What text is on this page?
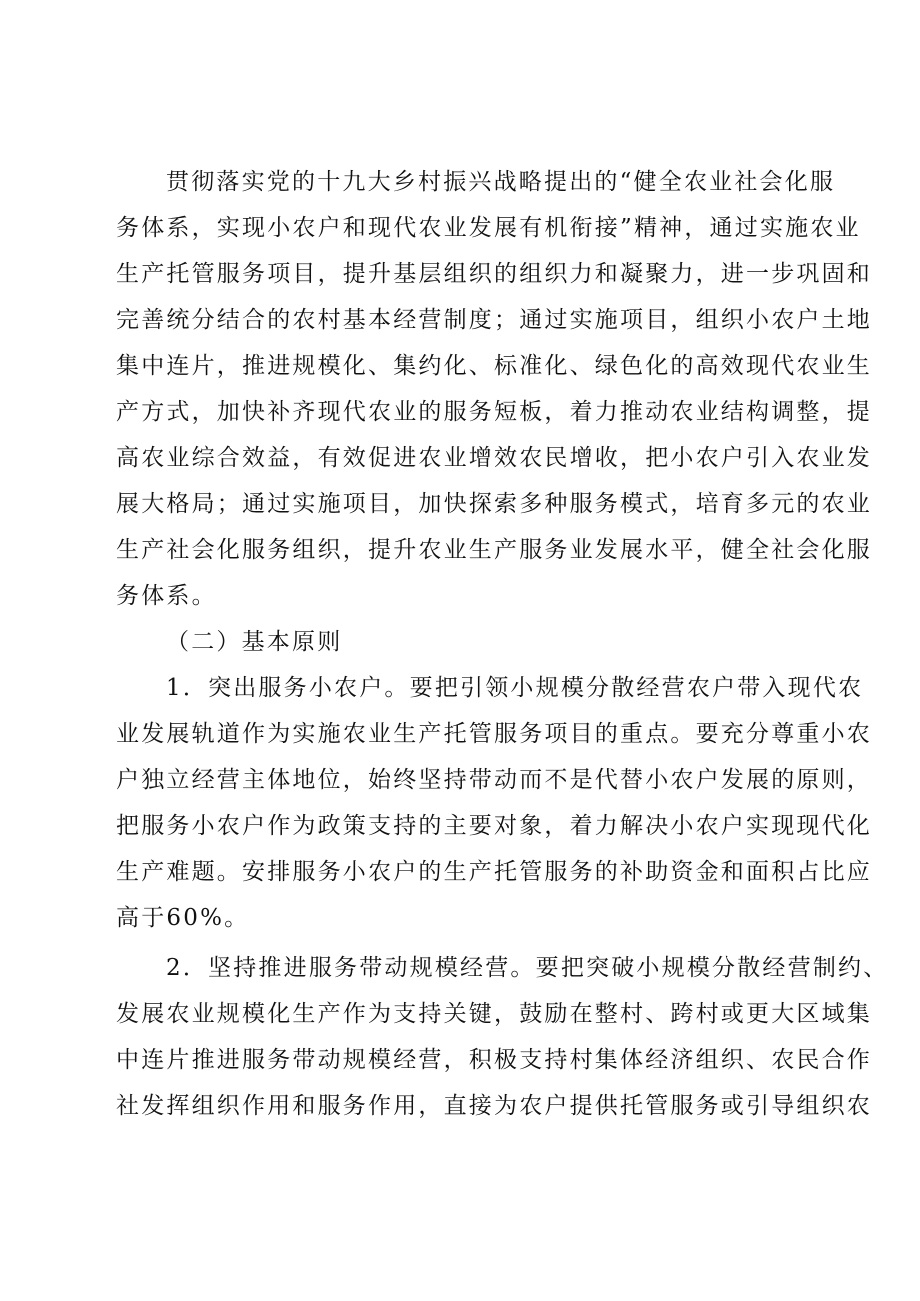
贯彻落实党的十九大乡村振兴战略提出的“健全农业社会化服

务体系，实现小农户和现代农业发展有机衔接”精神，通过实施农业

生产托管服务项目，提升基层组织的组织力和凝聚力，进一步巩固和

完善统分结合的农村基本经营制度；通过实施项目，组织小农户土地

集中连片，推进规模化、集约化、标准化、绿色化的高效现代农业生

产方式，加快补齐现代农业的服务短板，着力推动农业结构调整，提

高农业综合效益，有效促进农业增效农民增收，把小农户引入农业发

展大格局；通过实施项目，加快探索多种服务模式，培育多元的农业

生产社会化服务组织，提升农业生产服务业发展水平，健全社会化服

务体系。

（二）基本原则

1．突出服务小农户。要把引领小规模分散经营农户带入现代农

业发展轨道作为实施农业生产托管服务项目的重点。要充分尊重小农

户独立经营主体地位，始终坚持带动而不是代替小农户发展的原则，

把服务小农户作为政策支持的主要对象，着力解决小农户实现现代化

生产难题。安排服务小农户的生产托管服务的补助资金和面积占比应

高于60%。

2．坚持推进服务带动规模经营。要把突破小规模分散经营制约、

发展农业规模化生产作为支持关键，鼓励在整村、跨村或更大区域集

中连片推进服务带动规模经营，积极支持村集体经济组织、农民合作

社发挥组织作用和服务作用，直接为农户提供托管服务或引导组织农
